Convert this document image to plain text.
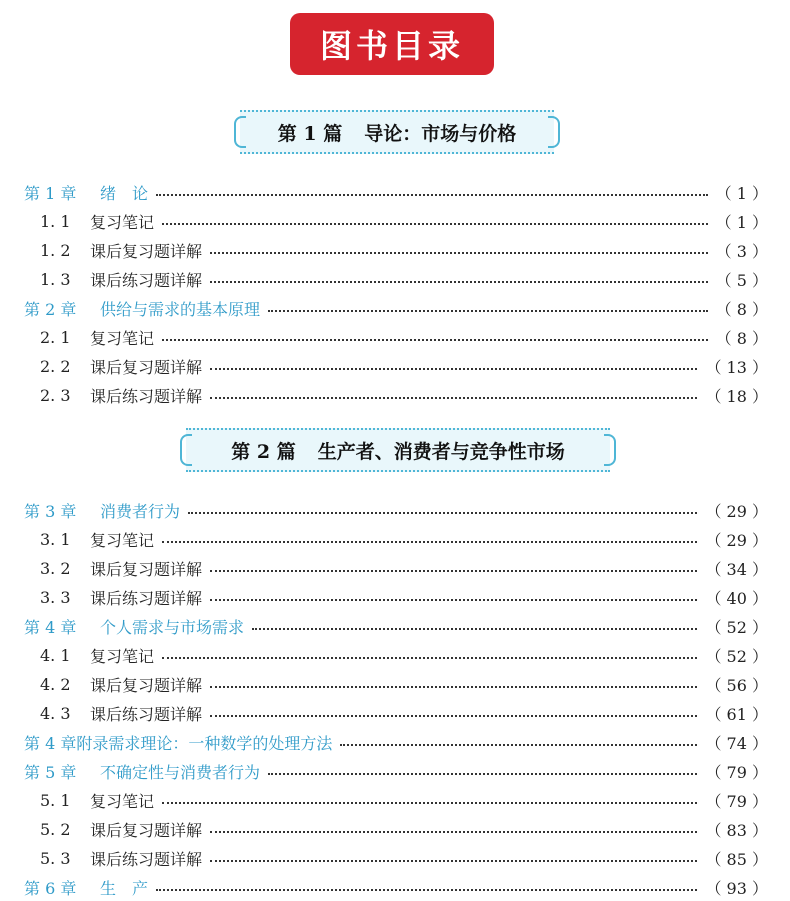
图书目录
第 1 篇 导论：市场与价格
第 2 篇 生产者、消费者与竞争性市场
第 1 章	绪　论	（ 1 ）
1. 1	复习笔记	（ 1 ）
1. 2	课后复习题详解	（ 3 ）
1. 3	课后练习题详解	（ 5 ）
第 2 章	供给与需求的基本原理	（ 8 ）
2. 1	复习笔记	（ 8 ）
2. 2	课后复习题详解	（ 13 ）
2. 3	课后练习题详解	（ 18 ）
第 3 章	消费者行为	（ 29 ）
3. 1	复习笔记	（ 29 ）
3. 2	课后复习题详解	（ 34 ）
3. 3	课后练习题详解	（ 40 ）
第 4 章	个人需求与市场需求	（ 52 ）
4. 1	复习笔记	（ 52 ）
4. 2	课后复习题详解	（ 56 ）
4. 3	课后练习题详解	（ 61 ）
第 4 章附录 需求理论：一种数学的处理方法	（ 74 ）
第 5 章	不确定性与消费者行为	（ 79 ）
5. 1	复习笔记	（ 79 ）
5. 2	课后复习题详解	（ 83 ）
5. 3	课后练习题详解	（ 85 ）
第 6 章	生　产	（ 93 ）
